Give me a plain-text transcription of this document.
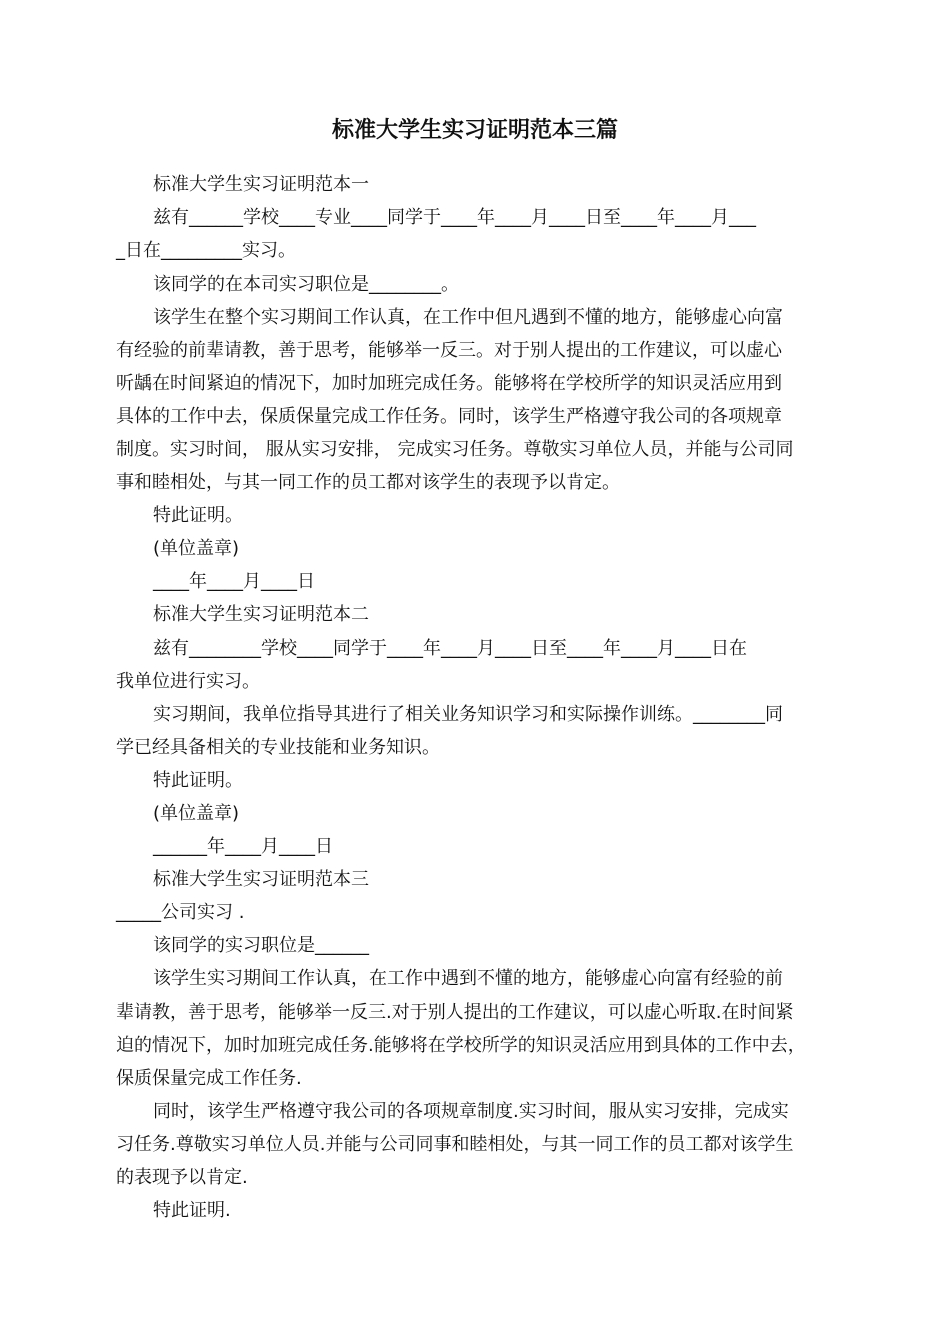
标准大学生实习证明范本三篇
标准大学生实习证明范本一
兹有______学校____专业____同学于____年____月____日至____年____月___
_日在_________实习。
该同学的在本司实习职位是________。
该学生在整个实习期间工作认真，在工作中但凡遇到不懂的地方，能够虚心向富
有经验的前辈请教，善于思考，能够举一反三。对于别人提出的工作建议，可以虚心
听龋在时间紧迫的情况下，加时加班完成任务。能够将在学校所学的知识灵活应用到
具体的工作中去，保质保量完成工作任务。同时，该学生严格遵守我公司的各项规章
制度。实习时间， 服从实习安排， 完成实习任务。尊敬实习单位人员，并能与公司同
事和睦相处，与其一同工作的员工都对该学生的表现予以肯定。
特此证明。
(单位盖章)
____年____月____日
标准大学生实习证明范本二
兹有________学校____同学于____年____月____日至____年____月____日在
我单位进行实习。
实习期间，我单位指导其进行了相关业务知识学习和实际操作训练。________同
学已经具备相关的专业技能和业务知识。
特此证明。
(单位盖章)
______年____月____日
标准大学生实习证明范本三
_____公司实习 .
该同学的实习职位是______
该学生实习期间工作认真，在工作中遇到不懂的地方，能够虚心向富有经验的前
辈请教，善于思考，能够举一反三.对于别人提出的工作建议，可以虚心听取.在时间紧
迫的情况下，加时加班完成任务.能够将在学校所学的知识灵活应用到具体的工作中去，
保质保量完成工作任务.
同时，该学生严格遵守我公司的各项规章制度.实习时间，服从实习安排，完成实
习任务.尊敬实习单位人员.并能与公司同事和睦相处，与其一同工作的员工都对该学生
的表现予以肯定.
特此证明.
